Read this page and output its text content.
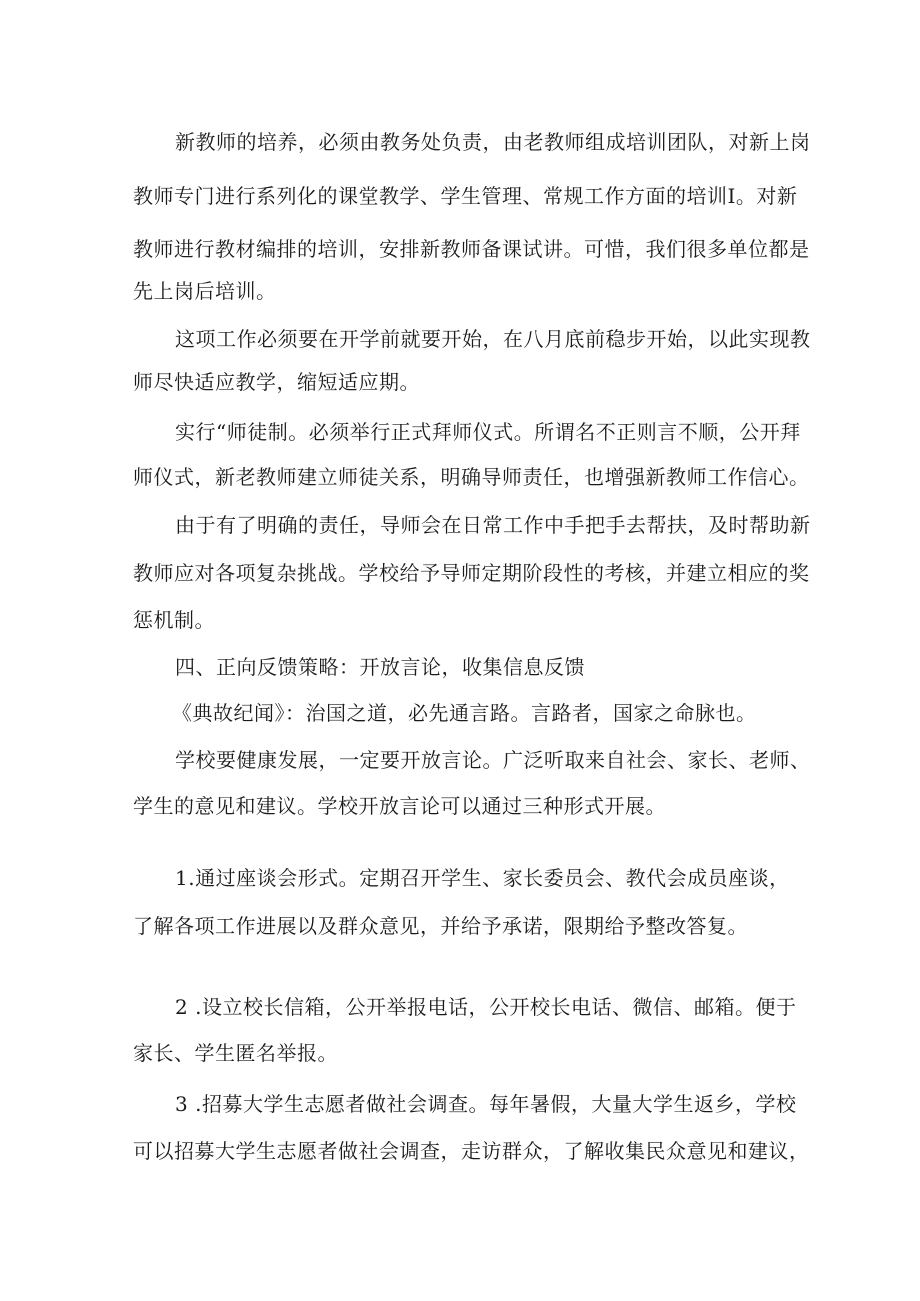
新教师的培养，必须由教务处负责，由老教师组成培训团队，对新上岗
教师专门进行系列化的课堂教学、学生管理、常规工作方面的培训I。对新
教师进行教材编排的培训，安排新教师备课试讲。可惜，我们很多单位都是
先上岗后培训。
这项工作必须要在开学前就要开始，在八月底前稳步开始，以此实现教
师尽快适应教学，缩短适应期。
实行“师徒制。必须举行正式拜师仪式。所谓名不正则言不顺，公开拜
师仪式，新老教师建立师徒关系，明确导师责任，也增强新教师工作信心。
由于有了明确的责任，导师会在日常工作中手把手去帮扶，及时帮助新
教师应对各项复杂挑战。学校给予导师定期阶段性的考核，并建立相应的奖
惩机制。
四、正向反馈策略：开放言论，收集信息反馈
《典故纪闻》：治国之道，必先通言路。言路者，国家之命脉也。
学校要健康发展，一定要开放言论。广泛听取来自社会、家长、老师、
学生的意见和建议。学校开放言论可以通过三种形式开展。
1.通过座谈会形式。定期召开学生、家长委员会、教代会成员座谈，
了解各项工作进展以及群众意见，并给予承诺，限期给予整改答复。
2 .设立校长信箱，公开举报电话，公开校长电话、微信、邮箱。便于
家长、学生匿名举报。
3 .招募大学生志愿者做社会调查。每年暑假，大量大学生返乡，学校
可以招募大学生志愿者做社会调查，走访群众，了解收集民众意见和建议，
